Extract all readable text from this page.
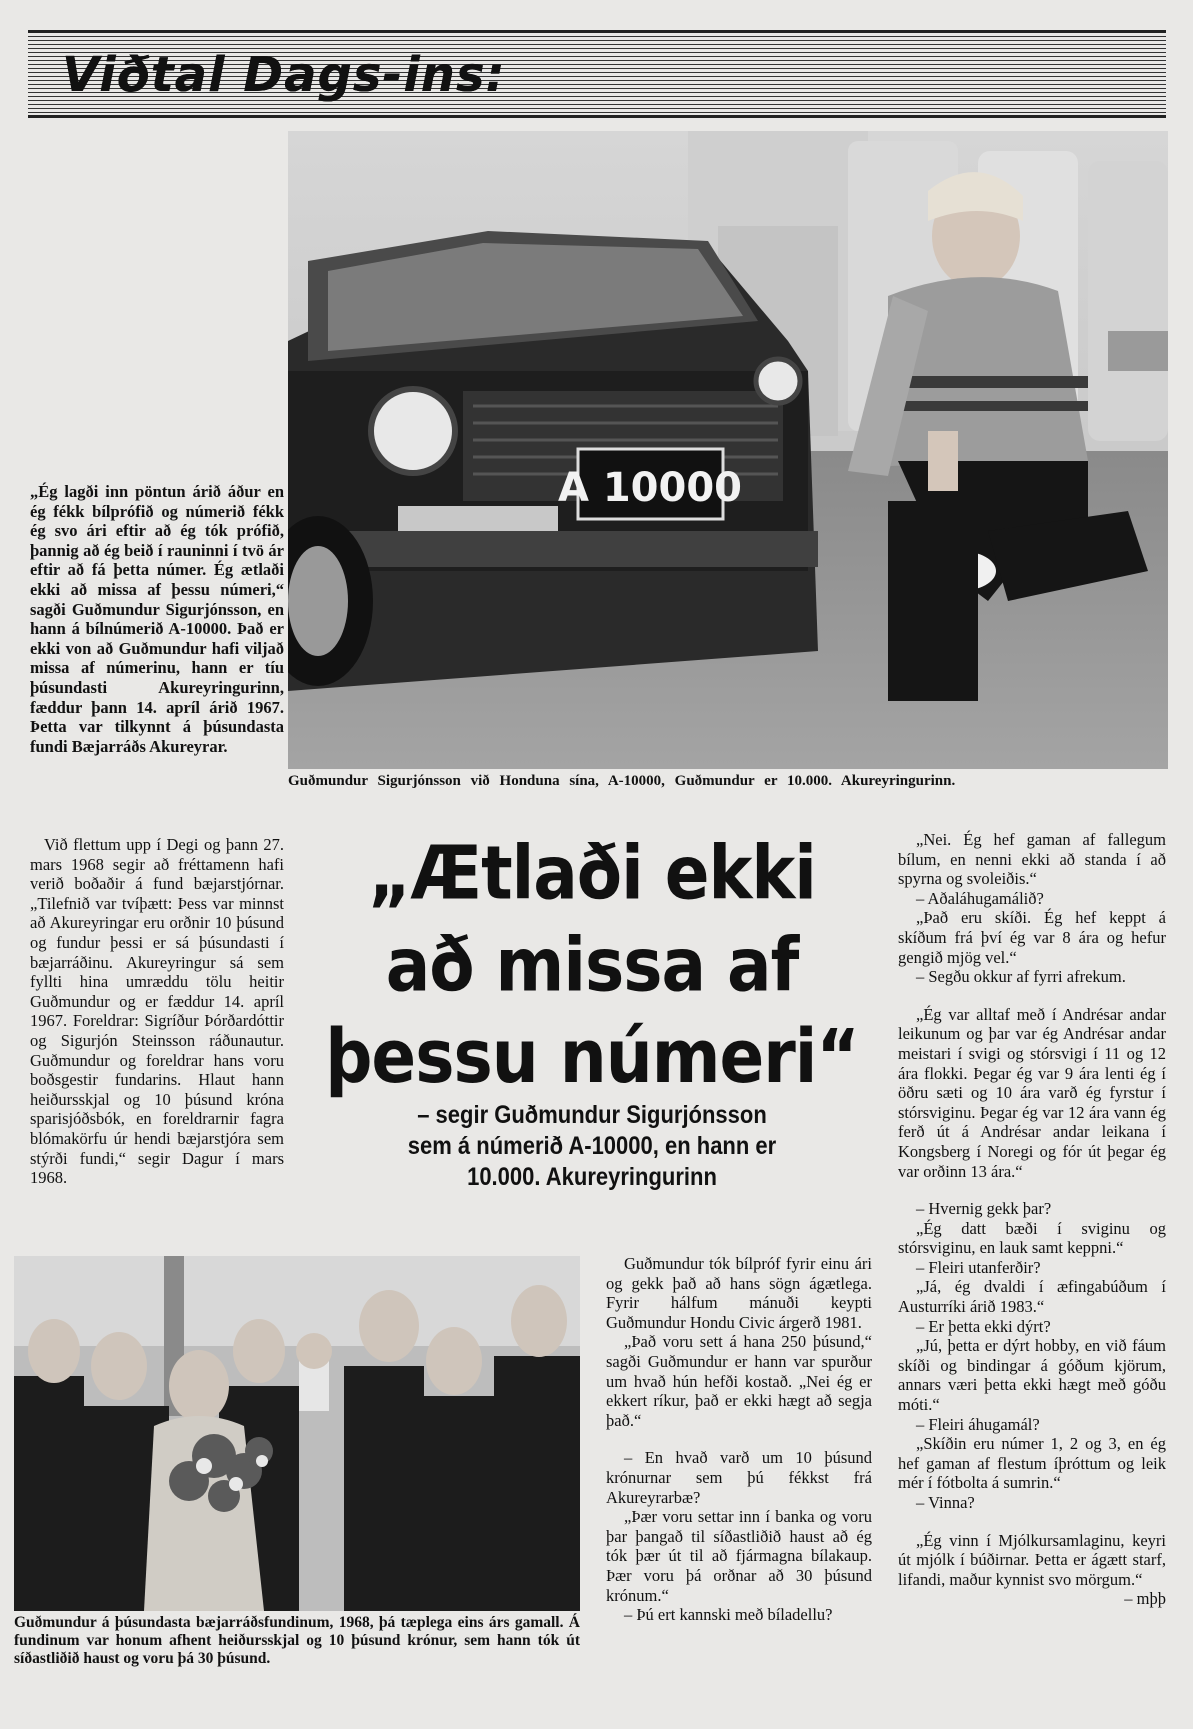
Viðtal Dags-ins:
A 10000
Guðmundur Sigurjónsson við Honduna sína, A-10000, Guðmundur er 10.000. Akureyringurinn.
„Ég lagði inn pöntun árið áður en ég fékk bílprófið og númerið fékk ég svo ári eftir að ég tók prófið, þannig að ég beið í rauninni í tvö ár eftir að fá þetta númer. Ég ætlaði ekki að missa af þessu númeri,“ sagði Guðmundur Sigurjónsson, en hann á bílnúmerið A-10000. Það er ekki von að Guðmundur hafi viljað missa af númerinu, hann er tíu þúsundasti Akureyringurinn, fæddur þann 14. apríl árið 1967. Þetta var tilkynnt á þúsundasta fundi Bæjarráðs Akureyrar.
Við flettum upp í Degi og þann 27. mars 1968 segir að fréttamenn hafi verið boðaðir á fund bæjarstjórnar. „Tilefnið var tvíþætt: Þess var minnst að Akureyringar eru orðnir 10 þúsund og fundur þessi er sá þúsundasti í bæjarráðinu. Akureyringur sá sem fyllti hina umræddu tölu heitir Guðmundur og er fæddur 14. apríl 1967. Foreldrar: Sigríður Þórðardóttir og Sigurjón Steinsson ráðunautur. Guðmundur og foreldrar hans voru boðsgestir fundarins. Hlaut hann heiðursskjal og 10 þúsund króna sparisjóðsbók, en foreldrarnir fagra blómakörfu úr hendi bæjarstjóra sem stýrði fundi,“ segir Dagur í mars 1968.
„Ætlaði ekki
að missa af
þessu númeri“
– segir Guðmundur Sigurjónsson
sem á númerið A-10000, en hann er
10.000. Akureyringurinn
Guðmundur á þúsundasta bæjarráðsfundinum, 1968, þá tæplega eins árs gamall. Á fundinum var honum afhent heiðursskjal og 10 þúsund krónur, sem hann tók út síðastliðið haust og voru þá 30 þúsund.

Guðmundur tók bílpróf fyrir einu ári og gekk það að hans sögn ágætlega. Fyrir hálfum mánuði keypti Guðmundur Hondu Civic árgerð 1981.

„Það voru sett á hana 250 þúsund,“ sagði Guðmundur er hann var spurður um hvað hún hefði kostað. „Nei ég er ekkert ríkur, það er ekki hægt að segja það.“

– En hvað varð um 10 þúsund krónurnar sem þú fékkst frá Akureyrarbæ?

„Þær voru settar inn í banka og voru þar þangað til síðastliðið haust að ég tók þær út til að fjármagna bílakaup. Þær voru þá orðnar að 30 þúsund krónum.“

– Þú ert kannski með bíladellu?

„Nei. Ég hef gaman af fallegum bílum, en nenni ekki að standa í að spyrna og svoleiðis.“

– Aðaláhugamálið?

„Það eru skíði. Ég hef keppt á skíðum frá því ég var 8 ára og hefur gengið mjög vel.“

– Segðu okkur af fyrri afrekum.

„Ég var alltaf með í Andrésar andar leikunum og þar var ég Andrésar andar meistari í svigi og stórsvigi í 11 og 12 ára flokki. Þegar ég var 9 ára lenti ég í öðru sæti og 10 ára varð ég fyrstur í stórsviginu. Þegar ég var 12 ára vann ég ferð út á Andrésar andar leikana í Kongsberg í Noregi og fór út þegar ég var orðinn 13 ára.“

– Hvernig gekk þar?

„Ég datt bæði í sviginu og stórsviginu, en lauk samt keppni.“

– Fleiri utanferðir?

„Já, ég dvaldi í æfingabúðum í Austurríki árið 1983.“

– Er þetta ekki dýrt?

„Jú, þetta er dýrt hobby, en við fáum skíði og bindingar á góðum kjörum, annars væri þetta ekki hægt með góðu móti.“

– Fleiri áhugamál?

„Skíðin eru númer 1, 2 og 3, en ég hef gaman af flestum íþróttum og leik mér í fótbolta á sumrin.“

– Vinna?

„Ég vinn í Mjólkursamlaginu, keyri út mjólk í búðirnar. Þetta er ágætt starf, lifandi, maður kynnist svo mörgum.“

– mþþ
